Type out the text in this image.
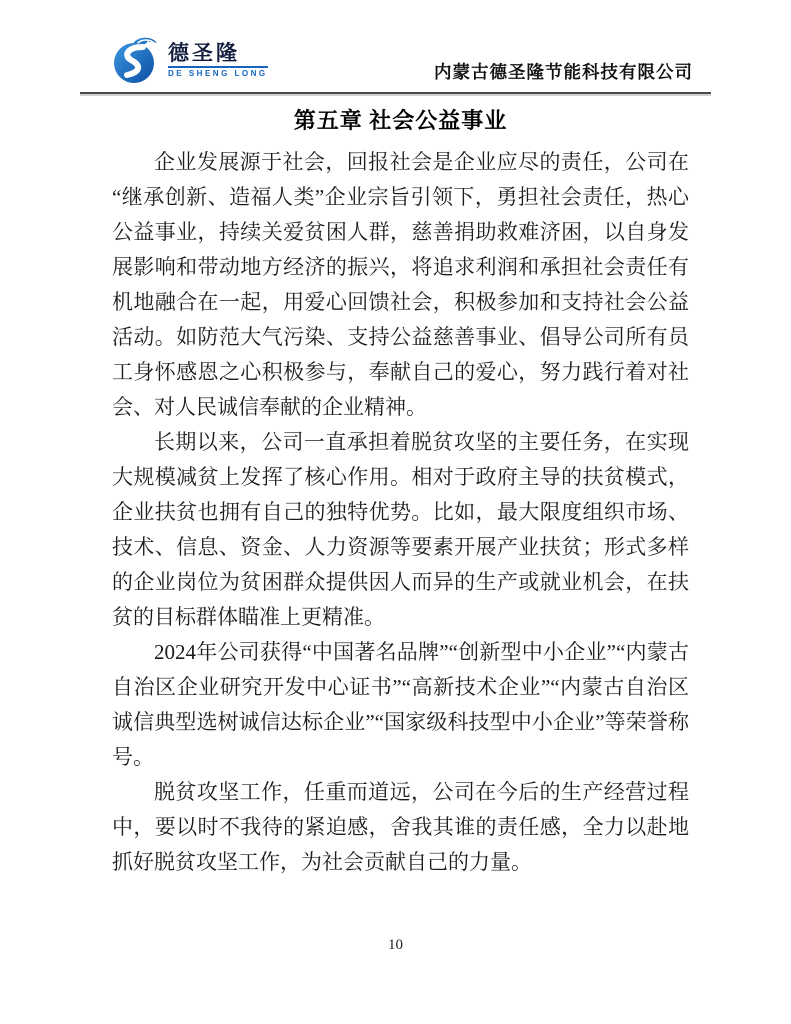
德圣隆
DE SHENG LONG	内蒙古德圣隆节能科技有限公司
第五章 社会公益事业

企业发展源于社会，回报社会是企业应尽的责任，公司在“继承创新、造福人类”企业宗旨引领下，勇担社会责任，热心公益事业，持续关爱贫困人群，慈善捐助救难济困，以自身发展影响和带动地方经济的振兴，将追求利润和承担社会责任有机地融合在一起，用爱心回馈社会，积极参加和支持社会公益活动。如防范大气污染、支持公益慈善事业、倡导公司所有员工身怀感恩之心积极参与，奉献自己的爱心，努力践行着对社会、对人民诚信奉献的企业精神。

长期以来，公司一直承担着脱贫攻坚的主要任务，在实现大规模减贫上发挥了核心作用。相对于政府主导的扶贫模式，企业扶贫也拥有自己的独特优势。比如，最大限度组织市场、技术、信息、资金、人力资源等要素开展产业扶贫；形式多样的企业岗位为贫困群众提供因人而异的生产或就业机会，在扶贫的目标群体瞄准上更精准。

2024年公司获得“中国著名品牌”“创新型中小企业”“内蒙古自治区企业研究开发中心证书”“高新技术企业”“内蒙古自治区诚信典型选树诚信达标企业”“国家级科技型中小企业”等荣誉称号。

脱贫攻坚工作，任重而道远，公司在今后的生产经营过程中，要以时不我待的紧迫感，舍我其谁的责任感，全力以赴地抓好脱贫攻坚工作，为社会贡献自己的力量。

10
